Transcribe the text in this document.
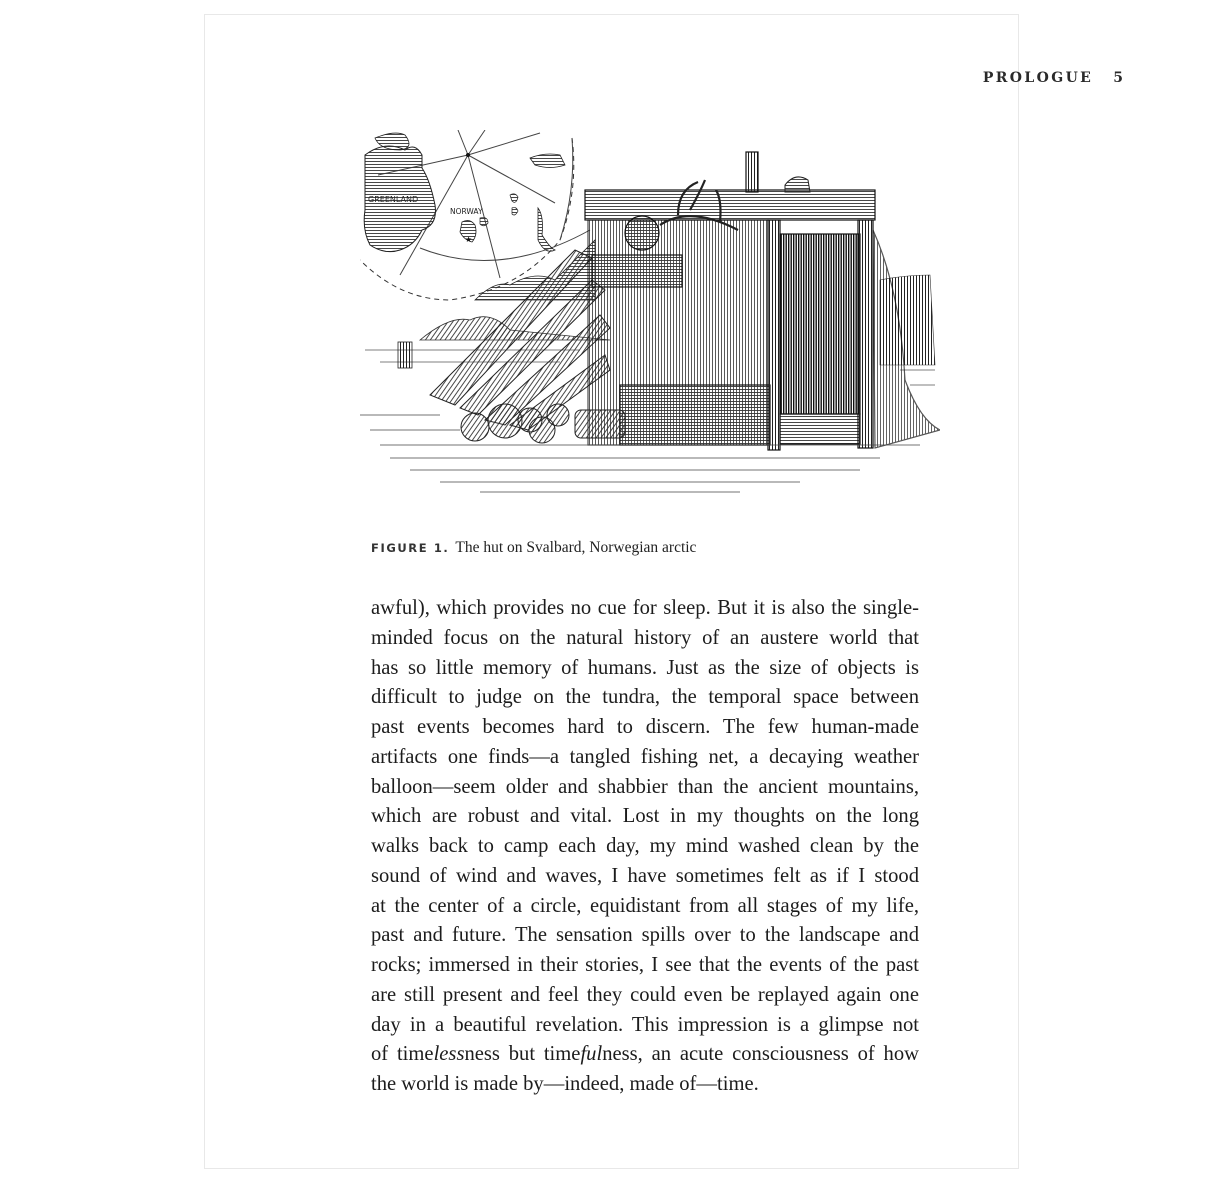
PROLOGUE 5
★
GREENLAND
NORWAY
FIGURE 1. The hut on Svalbard, Norwegian arctic
awful), which provides no cue for sleep. But it is also the single-
minded focus on the natural history of an austere world that
has so little memory of humans. Just as the size of objects is
difficult to judge on the tundra, the temporal space between
past events becomes hard to discern. The few human-made
artifacts one finds—a tangled fishing net, a decaying weather
balloon—seem older and shabbier than the ancient mountains,
which are robust and vital. Lost in my thoughts on the long
walks back to camp each day, my mind washed clean by the
sound of wind and waves, I have sometimes felt as if I stood
at the center of a circle, equidistant from all stages of my life,
past and future. The sensation spills over to the landscape and
rocks; immersed in their stories, I see that the events of the past
are still present and feel they could even be replayed again one
day in a beautiful revelation. This impression is a glimpse not
of timelessness but timefulness, an acute consciousness of how
the world is made by—indeed, made of—time.
